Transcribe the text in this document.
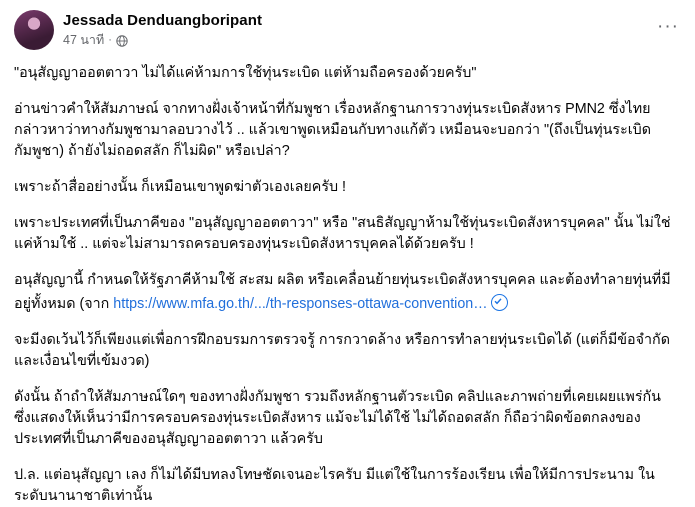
Jessada Denduangboripant
47 นาที ·
···

"อนุสัญญาออตตาวา ไม่ได้แค่ห้ามการใช้ทุ่นระเบิด แต่ห้ามถือครองด้วยครับ"

อ่านข่าวคำให้สัมภาษณ์ จากทางฝั่งเจ้าหน้าที่กัมพูชา เรื่องหลักฐานการวางทุ่นระเบิดสังหาร PMN2 ซึ่งไทยกล่าวหาว่าทางกัมพูชามาลอบวางไว้ .. แล้วเขาพูดเหมือนกับทางแก้ตัว เหมือนจะบอกว่า "(ถึงเป็นทุ่นระเบิดกัมพูชา) ถ้ายังไม่ถอดสลัก ก็ไม่ผิด" หรือเปล่า?

เพราะถ้าสื่ออย่างนั้น ก็เหมือนเขาพูดฆ่าตัวเองเลยครับ !

เพราะประเทศที่เป็นภาคีของ "อนุสัญญาออตตาวา" หรือ "สนธิสัญญาห้ามใช้ทุ่นระเบิดสังหารบุคคล" นั้น ไม่ใช่แค่ห้ามใช้ .. แต่จะไม่สามารถครอบครองทุ่นระเบิดสังหารบุคคลได้ด้วยครับ !

อนุสัญญานี้ กำหนดให้รัฐภาคีห้ามใช้ สะสม ผลิต หรือเคลื่อนย้ายทุ่นระเบิดสังหารบุคคล และต้องทำลายทุ่นที่มีอยู่ทั้งหมด (จาก https://www.mfa.go.th/.../th-responses-ottawa-convention…

จะมีงดเว้นไว้ก็เพียงแต่เพื่อการฝึกอบรมการตรวจรู้ การกวาดล้าง หรือการทำลายทุ่นระเบิดได้ (แต่ก็มีข้อจำกัดและเงื่อนไขที่เข้มงวด)

ดังนั้น ถ้าถำให้สัมภาษณ์ใดๆ ของทางฝั่งกัมพูชา รวมถึงหลักฐานตัวระเบิด คลิปและภาพถ่ายที่เคยเผยแพร่กัน ซึ่งแสดงให้เห็นว่ามีการครอบครองทุ่นระเบิดสังหาร แม้จะไม่ได้ใช้ ไม่ได้ถอดสลัก ก็ถือว่าผิดข้อตกลงของประเทศที่เป็นภาคีของอนุสัญญาออตตาวา แล้วครับ

ป.ล. แต่อนุสัญญา เลง ก็ไม่ได้มีบทลงโทษชัดเจนอะไรครับ มีแต่ใช้ในการร้องเรียน เพื่อให้มีการประนาม ในระดับนานาชาติเท่านั้น
